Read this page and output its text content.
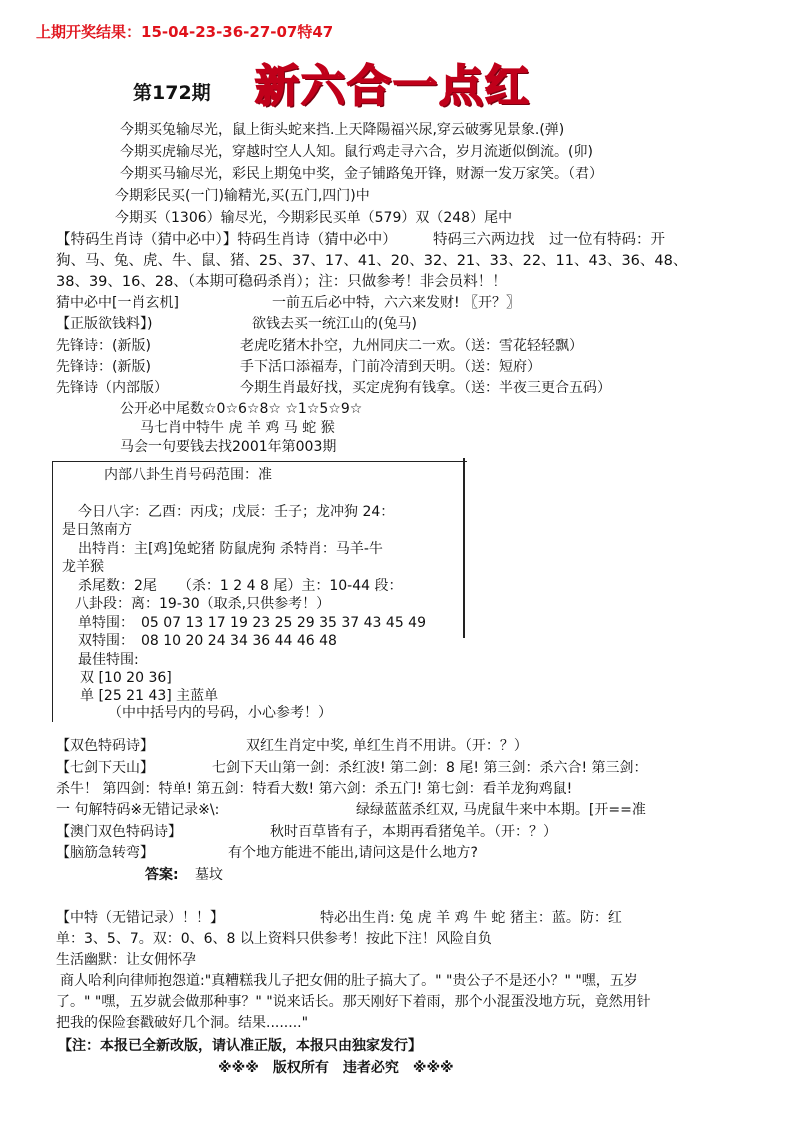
上期开奖结果：15-04-23-36-27-07特47
第172期 新六合一点红
今期买兔输尽光，鼠上街头蛇来挡.上天降陽福兴尿,穿云破雾见景象.(弹)
今期买虎输尽光，穿越时空人人知。鼠行鸡走寻六合，岁月流逝似倒流。(卯)
今期买马输尽光，彩民上期兔中奖，金子铺路兔开锋，财源一发万家笑。（君）
今期彩民买(一门)输精光,买(五门,四门)中
今期买（1306）输尽光，今期彩民买单（579）双（248）尾中
【特码生肖诗（猜中必中）】特码生肖诗（猜中必中）　　　特码三六两边找　过一位有特码：开
狗、马、兔、虎、牛、鼠、猪、25、37、17、41、20、32、21、33、22、11、43、36、48、
38、39、16、28、（本期可稳码杀肖）；注：只做参考！非会员料！！
猜中必中[一肖玄机]	一前五后必中特，六六来发财! 〖开？〗
【正版欲钱料】)	欲钱去买一统江山的(兔马)
先锋诗：(新版)	老虎吃猪木扑空，九州同庆二一欢。（送：雪花轻轻飘）
先锋诗：(新版)	手下活口添福寿，门前冷清到天明。（送：短府）
先锋诗（内部版）	今期生肖最好找，买定虎狗有钱拿。（送：半夜三更合五码）
公开必中尾数☆0☆6☆8☆ ☆1☆5☆9☆
马七肖中特牛 虎 羊 鸡 马 蛇 猴
马会一句要钱去找2001年第003期
内部八卦生肖号码范围：准
今日八字：乙酉：丙戌；戊辰：壬子；龙冲狗 24：
是日煞南方
出特肖：主[鸡]兔蛇猪 防鼠虎狗 杀特肖：马羊-牛
龙羊猴
杀尾数：2尾　　（杀：1 2 4 8 尾）主：10-44 段：
八卦段：离：19-30（取杀,只供参考！）
单特围：　05 07 13 17 19 23 25 29 35 37 43 45 49
双特围：　08 10 20 24 34 36 44 46 48
最佳特围:
双 [10 20 36]
单 [25 21 43] 主蓝单
（中中括号内的号码，小心参考！）
【双色特码诗】	双红生肖定中奖, 单红生肖不用讲。（开：？）
【七剑下天山】	七剑下天山第一剑：杀红波! 第二剑：8 尾! 第三剑：杀六合! 第三剑：
杀牛！ 第四剑：特单! 第五剑：特看大数! 第六剑：杀五门! 第七剑：看羊龙狗鸡鼠!
一 句解特码※无错记录※\:	绿绿蓝蓝杀红双, 马虎鼠牛来中本期。[开==准
【澳门双色特码诗】	秋时百草皆有子，本期再看猪兔羊。（开：？）
【脑筋急转弯】	有个地方能进不能出,请问这是什么地方?
答案: 墓坟
【中特（无错记录）！！】	特必出生肖: 兔 虎 羊 鸡 牛 蛇 猪主：蓝。防：红
单：3、5、7。双：0、6、8 以上资料只供参考！按此下注！风险自负
生活幽默：让女佣怀孕
商人哈利向律师抱怨道:"真糟糕我儿子把女佣的肚子搞大了。" "贵公子不是还小？" "嘿，五岁
了。" "嘿，五岁就会做那种事？" "说来话长。那天刚好下着雨，那个小混蛋没地方玩，竟然用针
把我的保险套戳破好几个洞。结果........"
【注：本报已全新改版，请认准正版，本报只由独家发行】
※※※　版权所有　违者必究　※※※
